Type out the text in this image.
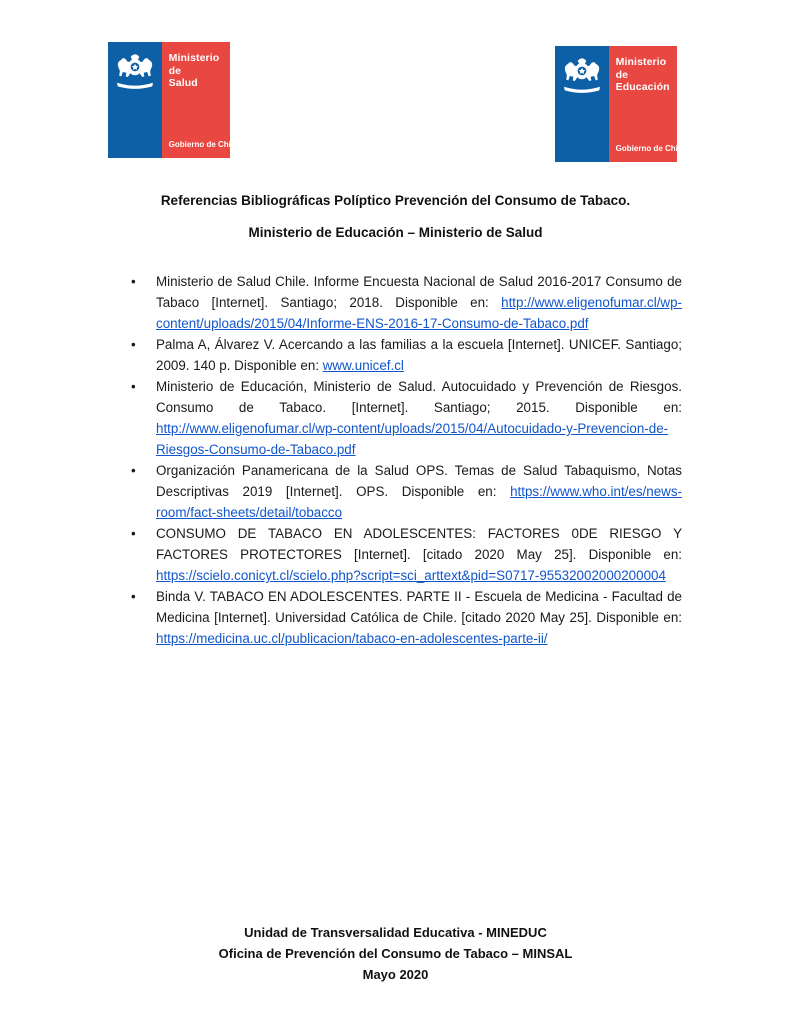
Ministerio de
Salud
Gobierno de Chile
Ministerio de
Educación
Gobierno de Chile
Referencias Bibliográficas Políptico Prevención del Consumo de Tabaco.
Ministerio de Educación – Ministerio de Salud
• Ministerio de Salud Chile. Informe Encuesta Nacional de Salud 2016-2017 Consumo de Tabaco [Internet]. Santiago; 2018. Disponible en: http://www.eligenofumar.cl/wp-content/uploads/2015/04/Informe-ENS-2016-17-Consumo-de-Tabaco.pdf
• Palma A, Álvarez V. Acercando a las familias a la escuela [Internet]. UNICEF. Santiago; 2009. 140 p. Disponible en: www.unicef.cl
• Ministerio de Educación, Ministerio de Salud. Autocuidado y Prevención de Riesgos. Consumo de Tabaco. [Internet]. Santiago; 2015. Disponible en: http://www.eligenofumar.cl/wp-content/uploads/2015/04/Autocuidado-y-Prevencion-de-Riesgos-Consumo-de-Tabaco.pdf
• Organización Panamericana de la Salud OPS. Temas de Salud Tabaquismo, Notas Descriptivas 2019 [Internet]. OPS. Disponible en: https://www.who.int/es/news-room/fact-sheets/detail/tobacco
• CONSUMO DE TABACO EN ADOLESCENTES: FACTORES 0DE RIESGO Y FACTORES PROTECTORES [Internet]. [citado 2020 May 25]. Disponible en: https://scielo.conicyt.cl/scielo.php?script=sci_arttext&pid=S0717-95532002000200004
• Binda V. TABACO EN ADOLESCENTES. PARTE II - Escuela de Medicina - Facultad de Medicina [Internet]. Universidad Católica de Chile. [citado 2020 May 25]. Disponible en: https://medicina.uc.cl/publicacion/tabaco-en-adolescentes-parte-ii/
Unidad de Transversalidad Educativa - MINEDUC
Oficina de Prevención del Consumo de Tabaco – MINSAL
Mayo 2020
